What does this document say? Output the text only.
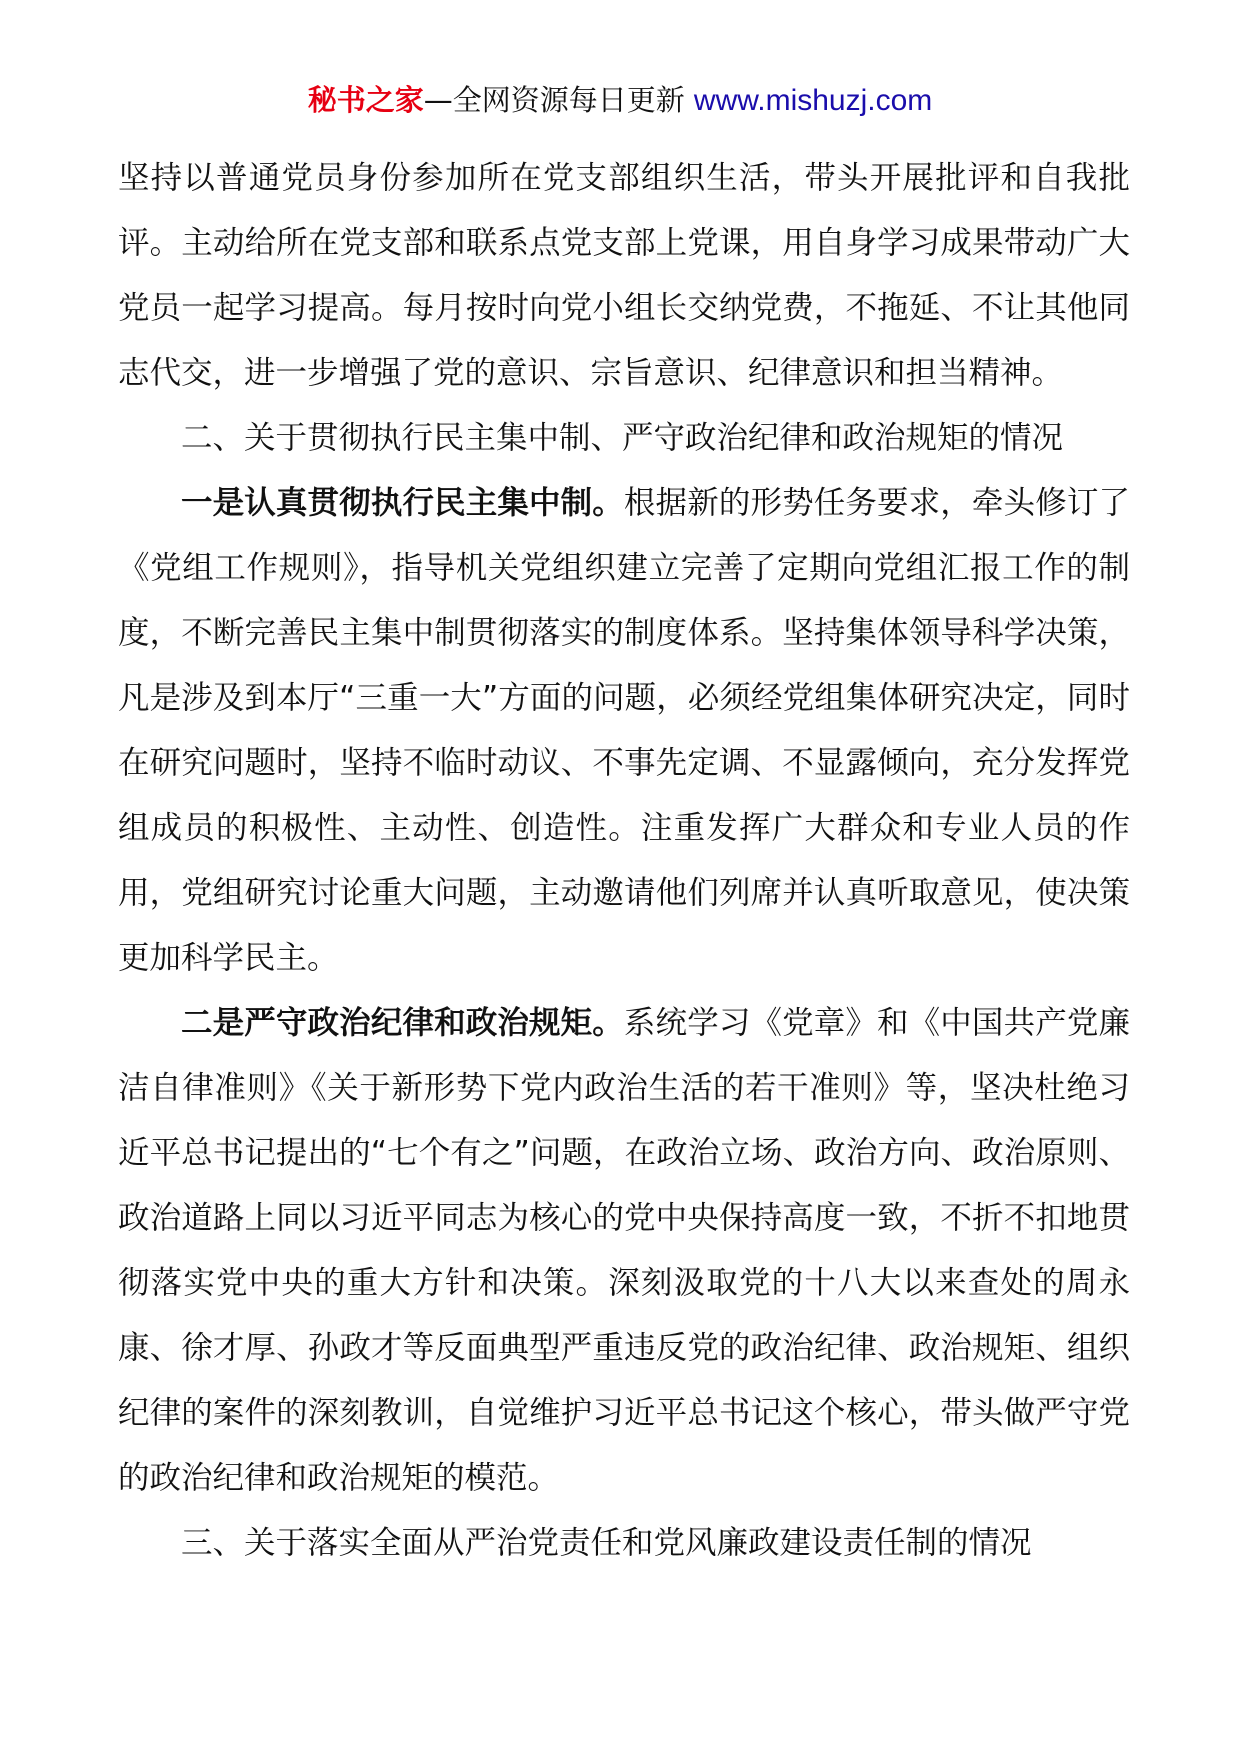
秘书之家—全网资源每日更新 www.mishuzj.com

坚持以普通党员身份参加所在党支部组织生活，带头开展批评和自我批评。主动给所在党支部和联系点党支部上党课，用自身学习成果带动广大党员一起学习提高。每月按时向党小组长交纳党费，不拖延、不让其他同志代交，进一步增强了党的意识、宗旨意识、纪律意识和担当精神。

二、关于贯彻执行民主集中制、严守政治纪律和政治规矩的情况

一是认真贯彻执行民主集中制。根据新的形势任务要求，牵头修订了《党组工作规则》，指导机关党组织建立完善了定期向党组汇报工作的制度，不断完善民主集中制贯彻落实的制度体系。坚持集体领导科学决策，凡是涉及到本厅“三重一大”方面的问题，必须经党组集体研究决定，同时在研究问题时，坚持不临时动议、不事先定调、不显露倾向，充分发挥党组成员的积极性、主动性、创造性。注重发挥广大群众和专业人员的作用，党组研究讨论重大问题，主动邀请他们列席并认真听取意见，使决策更加科学民主。

二是严守政治纪律和政治规矩。系统学习《党章》和《中国共产党廉洁自律准则》《关于新形势下党内政治生活的若干准则》等，坚决杜绝习近平总书记提出的“七个有之”问题，在政治立场、政治方向、政治原则、政治道路上同以习近平同志为核心的党中央保持高度一致，不折不扣地贯彻落实党中央的重大方针和决策。深刻汲取党的十八大以来查处的周永康、徐才厚、孙政才等反面典型严重违反党的政治纪律、政治规矩、组织纪律的案件的深刻教训，自觉维护习近平总书记这个核心，带头做严守党的政治纪律和政治规矩的模范。

三、关于落实全面从严治党责任和党风廉政建设责任制的情况
